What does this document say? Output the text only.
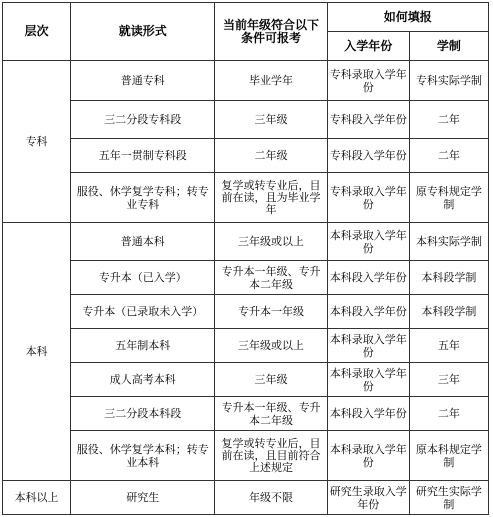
层次	就读形式	当前年级符合以下条件可报考	如何填报	
			入学年份	学制
专科	普通专科	毕业学年	专科录取入学年份	专科实际学制
	三二分段专科段	三年级	专科段入学年份	二年
	五年一贯制专科段	二年级	专科段入学年份	二年
	服役、休学复学专科；转专业专科	复学或转专业后，目前在读，且为毕业学年	专科录取入学年份	原专科规定学制
本科	普通本科	三年级或以上	本科录取入学年份	本科实际学制
	专升本（已入学）	专升本一年级、专升本二年级	本科段入学年份	本科段学制
	专升本（已录取未入学）	专升本一年级	本科段入学年份	本科段学制
	五年制本科	三年级或以上	本科录取入学年份	五年
	成人高考本科	三年级	本科录取入学年份	三年
	三二分段本科段	专升本一年级、专升本二年级	本科段入学年份	二年
	服役、休学复学本科；转专业本科	复学或转专业后，目前在读，且目前符合上述规定	本科录取入学年份	原本科规定学制
本科以上	研究生	年级不限	研究生录取入学年份	研究生实际学制
